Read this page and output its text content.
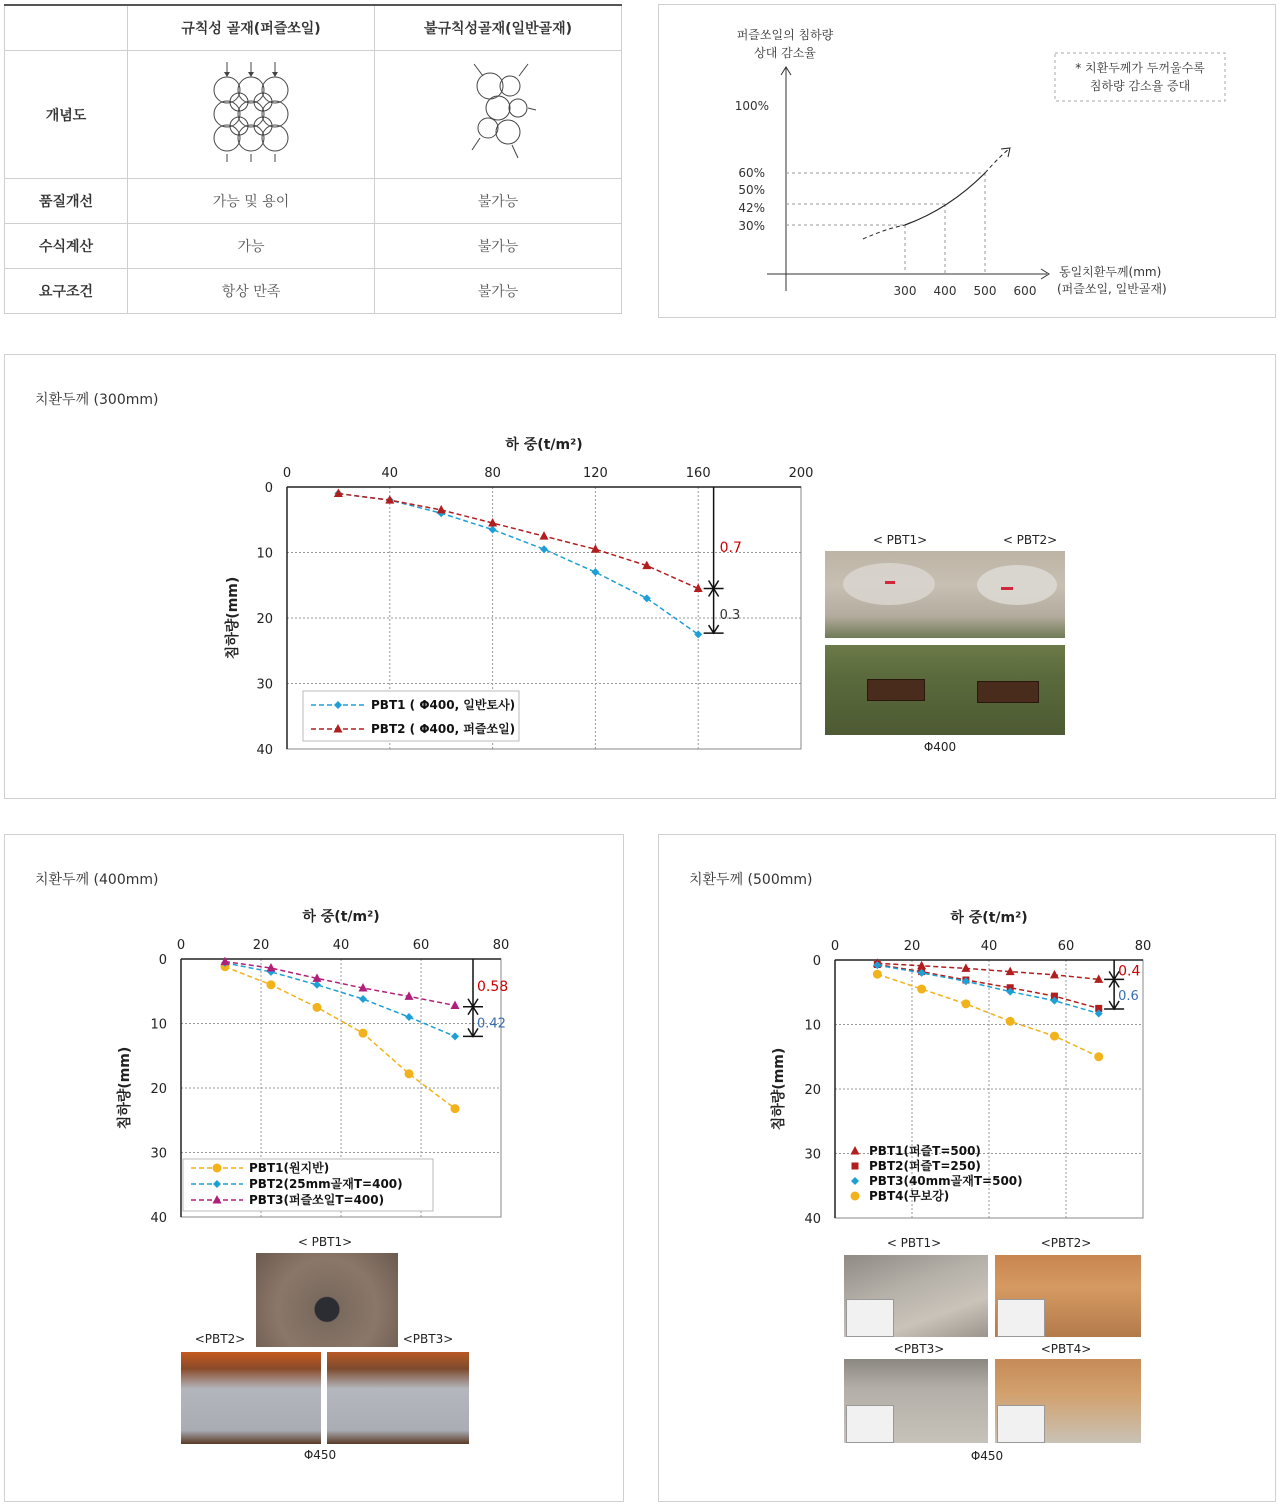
	규칙성 골재(퍼즐쏘일)	불규칙성골재(일반골재)
개념도		
품질개선	가능 및 용이	불가능
수식계산	가능	불가능
요구조건	항상 만족	불가능
퍼즐쏘일의 침하량
상대 감소율
100%
60%
50%
42%
30%
300 400 500 600
동일치환두께(mm)
(퍼즐쏘일, 일반골재)
* 치환두께가 두꺼울수록
침하량 감소율 증대
치환두께 (300mm)
0	40	80	120	160	200
0
10
20
30
40
하 중(t/m²)
침하량(mm)
PBT1 ( Φ400, 일반토사)
PBT2 ( Φ400, 퍼즐쏘일)
0.7
0.3
< PBT1>	< PBT2>
Φ400
치환두께 (400mm)
0	20	40	60	80
0
10
20
30
40
하 중(t/m²)
침하량(mm)
PBT1(원지반)
PBT2(25mm골재T=400)
PBT3(퍼즐쏘일T=400)
0.58
0.42
< PBT1>
<PBT2>	<PBT3>
Φ450
치환두께 (500mm)
0	20	40	60	80
0
10
20
30
40
하 중(t/m²)
침하량(mm)
PBT1(퍼즐T=500)
PBT2(퍼즐T=250)
PBT3(40mm골재T=500)
PBT4(무보강)
0.4
0.6
< PBT1>	<PBT2>
<PBT3>	<PBT4>
Φ450
